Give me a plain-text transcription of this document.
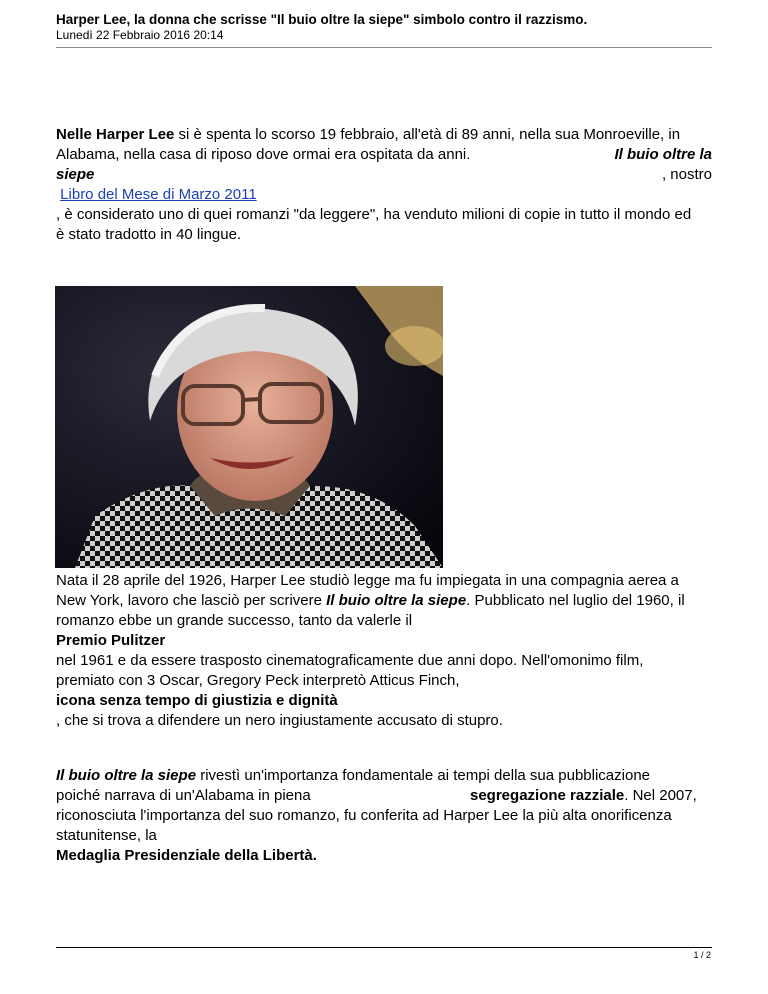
Harper Lee, la donna che scrisse "Il buio oltre la siepe" simbolo contro il razzismo.
Lunedì 22 Febbraio 2016 20:14
Nelle Harper Lee si è spenta lo scorso 19 febbraio, all'età di 89 anni, nella sua Monroeville, in
Alabama, nella casa di riposo dove ormai era ospitata da anni.	Il buio oltre la
siepe	, nostro
Libro del Mese di Marzo 2011
, è considerato uno di quei romanzi "da leggere", ha venduto milioni di copie in tutto il mondo ed
è stato tradotto in 40 lingue.
Nata il 28 aprile del 1926, Harper Lee studiò legge ma fu impiegata in una compagnia aerea a
New York, lavoro che lasciò per scrivere Il buio oltre la siepe. Pubblicato nel luglio del 1960, il
romanzo ebbe un grande successo, tanto da valerle il
Premio Pulitzer
nel 1961 e da essere trasposto cinematograficamente due anni dopo. Nell'omonimo film,
premiato con 3 Oscar, Gregory Peck interpretò Atticus Finch,
icona senza tempo di giustizia e dignità
, che si trova a difendere un nero ingiustamente accusato di stupro.
Il buio oltre la siepe rivestì un'importanza fondamentale ai tempi della sua pubblicazione
poiché narrava di un'Alabama in piena	segregazione razziale. Nel 2007,
riconosciuta l'importanza del suo romanzo, fu conferita ad Harper Lee la più alta onorificenza
statunitense, la
Medaglia Presidenziale della Libertà.
1 / 2
